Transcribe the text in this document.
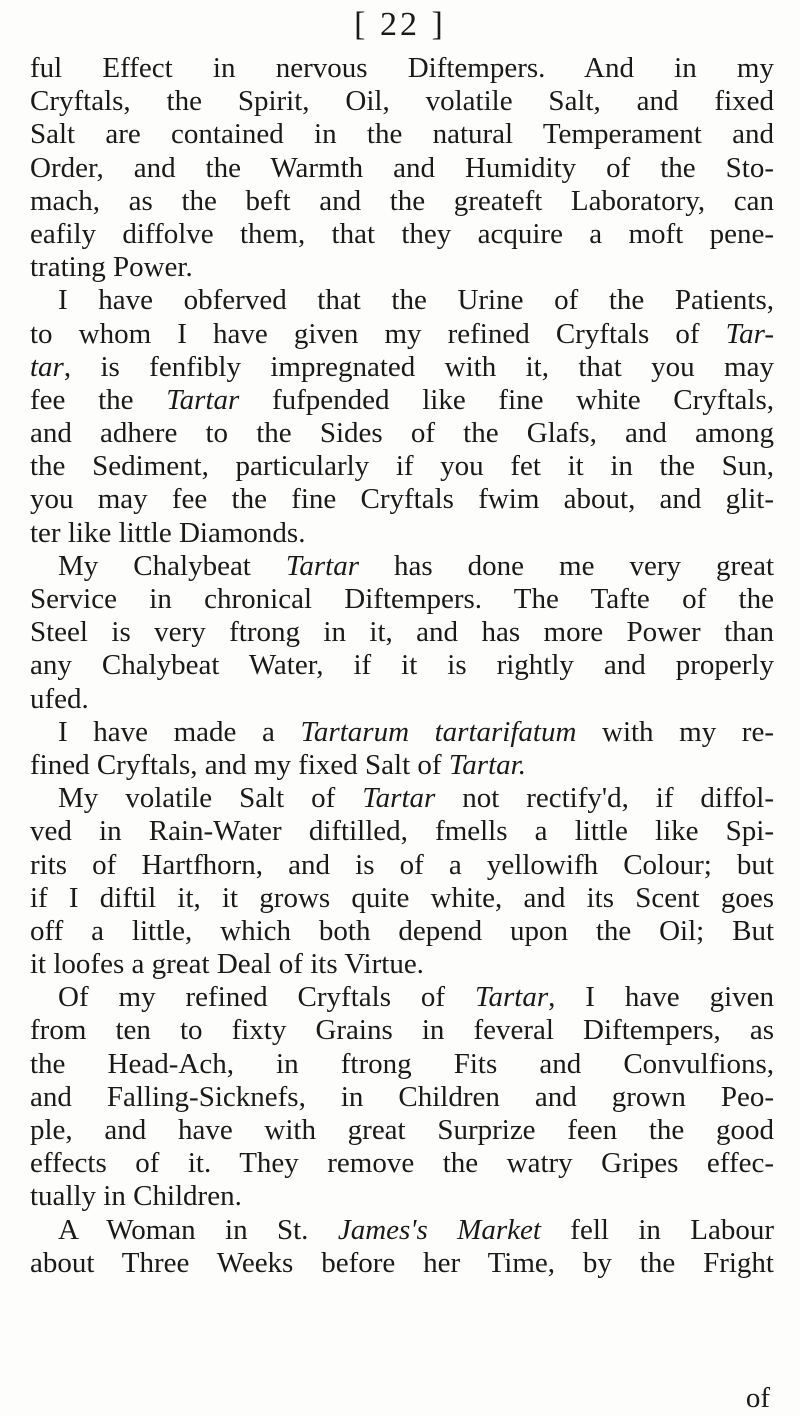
[ 22 ]
ful Effect in nervous Diftempers. And in my
Cryftals, the Spirit, Oil, volatile Salt, and fixed
Salt are contained in the natural Temperament and
Order, and the Warmth and Humidity of the Sto-
mach, as the beft and the greateft Laboratory, can
eafily diffolve them, that they acquire a moft pene-
trating Power.
I have obferved that the Urine of the Patients,
to whom I have given my refined Cryftals of Tar-
tar, is fenfibly impregnated with it, that you may
fee the Tartar fufpended like fine white Cryftals,
and adhere to the Sides of the Glafs, and among
the Sediment, particularly if you fet it in the Sun,
you may fee the fine Cryftals fwim about, and glit-
ter like little Diamonds.
My Chalybeat Tartar has done me very great
Service in chronical Diftempers. The Tafte of the
Steel is very ftrong in it, and has more Power than
any Chalybeat Water, if it is rightly and properly
ufed.
I have made a Tartarum tartarifatum with my re-
fined Cryftals, and my fixed Salt of Tartar.
My volatile Salt of Tartar not rectify'd, if diffol-
ved in Rain-Water diftilled, fmells a little like Spi-
rits of Hartfhorn, and is of a yellowifh Colour; but
if I diftil it, it grows quite white, and its Scent goes
off a little, which both depend upon the Oil; But
it loofes a great Deal of its Virtue.
Of my refined Cryftals of Tartar, I have given
from ten to fixty Grains in feveral Diftempers, as
the Head-Ach, in ftrong Fits and Convulfions,
and Falling-Sicknefs, in Children and grown Peo-
ple, and have with great Surprize feen the good
effects of it. They remove the watry Gripes effec-
tually in Children.
A Woman in St. James's Market fell in Labour
about Three Weeks before her Time, by the Fright
of
